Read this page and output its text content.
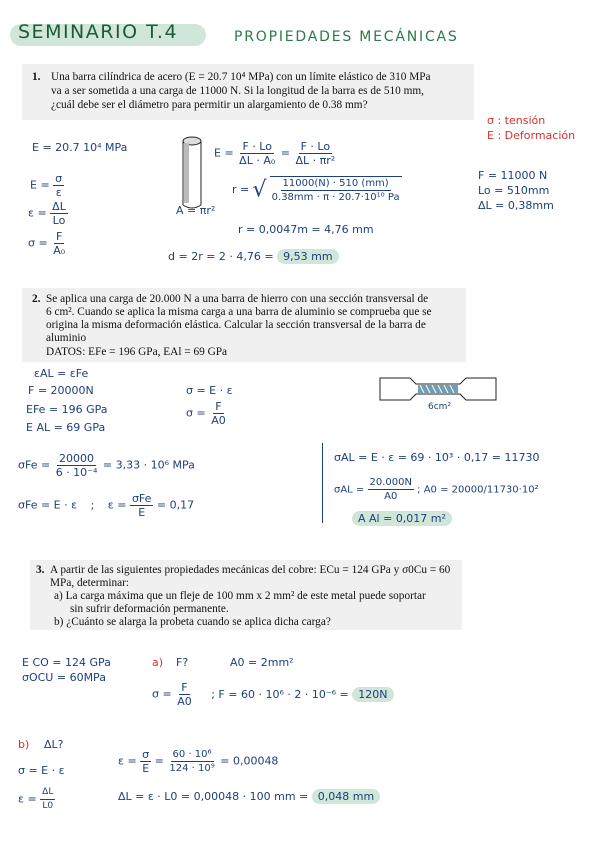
SEMINARIO T.4	PROPIEDADES MECÁNICAS
1. Una barra cilíndrica de acero (E = 20.7 10⁴ MPa) con un límite elástico de 310 MPa
va a ser sometida a una carga de 11000 N. Si la longitud de la barra es de 510 mm,
¿cuál debe ser el diámetro para permitir un alargamiento de 0.38 mm?
σ : tensión
E : Deformación
E = 20.7 10⁴ MPa
$E = \frac{\sigma}{\varepsilon}$
$\varepsilon = \frac{\Delta L}{Lo}$
$\sigma = \frac{F}{\text{A₀}}$
A = πr²
$E = \frac{F \cdot Lo}{\text{ΔL · A₀}} = \frac{F \cdot Lo}{\text{ΔL · πr²}}$
r = √ $\frac{11000(N) \cdot 510 (mm)}{\text{0.38mm · π · 20.7·10¹⁰ Pa}}$
r = 0,0047m = 4,76 mm
d = 2r = 2 · 4,76 = 9,53 mm
F = 11000 N
Lo = 510mm
ΔL = 0,38mm
2. Se aplica una carga de 20.000 N a una barra de hierro con una sección transversal de
6 cm². Cuando se aplica la misma carga a una barra de aluminio se comprueba que se
origina la misma deformación elástica. Calcular la sección transversal de la barra de
aluminio
DATOS: EFe = 196 GPa, EAl = 69 GPa
εAL = εFe
F = 20000N
EFe = 196 GPa
E AL = 69 GPa
σ = E · ε
$\sigma = \frac{F}{A0}$	6cm²
$\sigma Fe = \frac{20000}{\text{6 · 10⁻⁴}} = 3,33 \cdot 10^6$ MPa
σFe = E · ε ; $\varepsilon = \frac{\text{σFe}}{E} = 0,17$
σAL = E · ε = 69 · 10³ · 0,17 = 11730
$\sigma AL = \frac{20.000N}{A0}$ ; A0 = 20000/11730·10²
A Al = 0,017 m²
3. A partir de las siguientes propiedades mecánicas del cobre: ECu = 124 GPa y σ0Cu = 60
MPa, determinar:
a) La carga máxima que un fleje de 100 mm x 2 mm² de este metal puede soportar
sin sufrir deformación permanente.
b) ¿Cuánto se alarga la probeta cuando se aplica dicha carga?
E CO = 124 GPa
σOCU = 60MPa
a) F?	A0 = 2mm²
$\sigma = \frac{F}{A0}$ ; F = 60 · 10⁶ · 2 · 10⁻⁶ = 120N
b) ΔL?
σ = E · ε
$\varepsilon = \frac{\Delta L}{L0}$
$\varepsilon = \frac{\sigma}{E} = \frac{\text{60 · 10⁶}}{\text{124 · 10⁹}} = 0,00048$
ΔL = ε · L0 = 0,00048 · 100 mm = 0,048 mm
